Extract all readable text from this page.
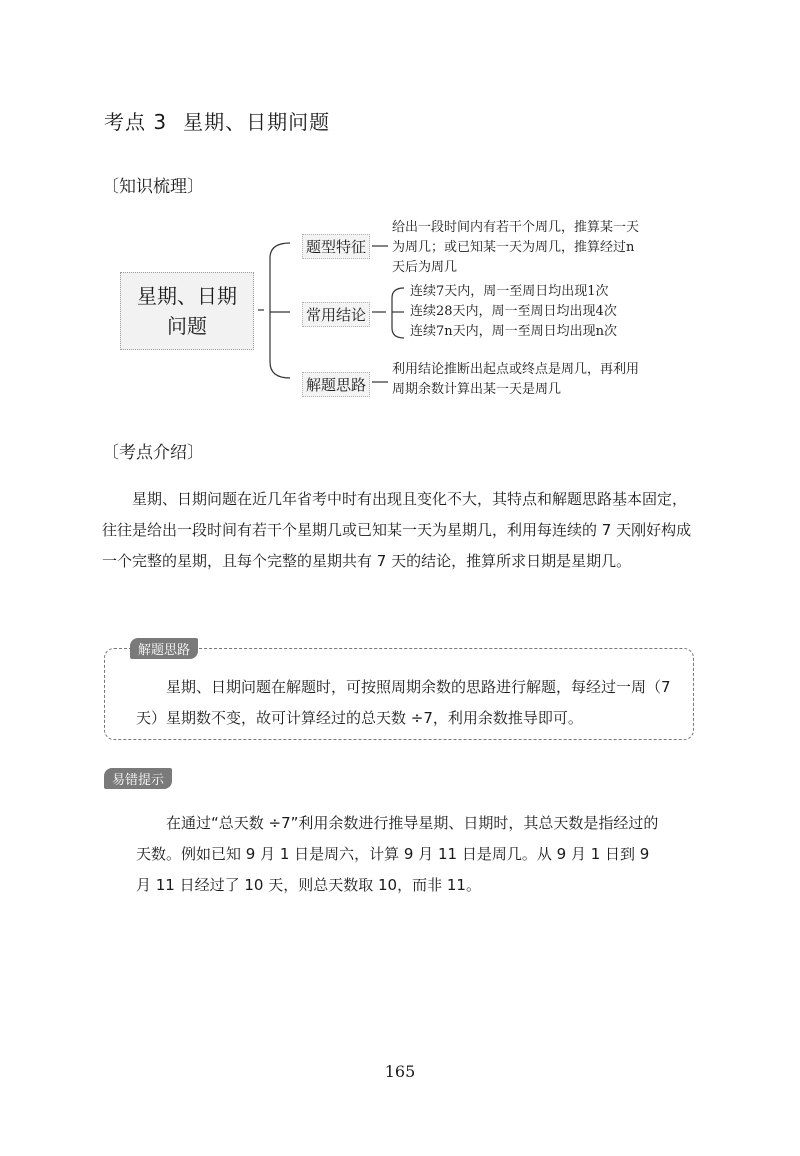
考点 3 星期、日期问题
〔知识梳理〕
星期、日期问题
题型特征
常用结论
解题思路
给出一段时间内有若干个周几，推算某一天
为周几；或已知某一天为周几，推算经过n
天后为周几
连续7天内，周一至周日均出现1次
连续28天内，周一至周日均出现4次
连续7n天内，周一至周日均出现n次
利用结论推断出起点或终点是周几，再利用
周期余数计算出某一天是周几
〔考点介绍〕

星期、日期问题在近几年省考中时有出现且变化不大，其特点和解题思路基本固定，往往是给出一段时间有若干个星期几或已知某一天为星期几，利用每连续的 7 天刚好构成一个完整的星期，且每个完整的星期共有 7 天的结论，推算所求日期是星期几。

解题思路

星期、日期问题在解题时，可按照周期余数的思路进行解题，每经过一周（7 天）星期数不变，故可计算经过的总天数 ÷7，利用余数推导即可。

易错提示

在通过“总天数 ÷7”利用余数进行推导星期、日期时，其总天数是指经过的天数。例如已知 9 月 1 日是周六，计算 9 月 11 日是周几。从 9 月 1 日到 9 月 11 日经过了 10 天，则总天数取 10，而非 11。

165
